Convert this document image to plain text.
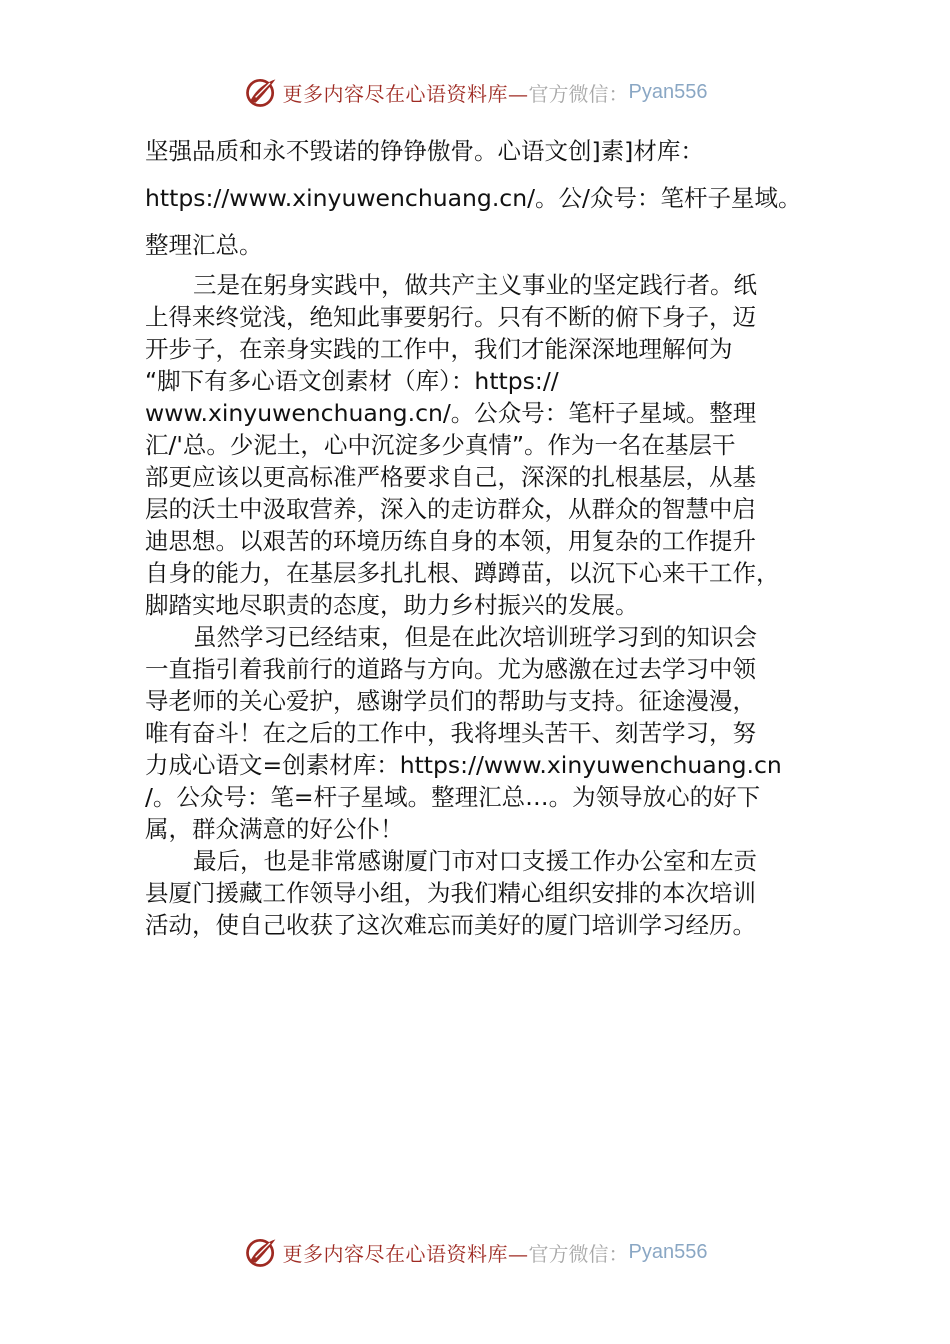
更多内容尽在心语资料库— 官方微信： Pyan556
坚强品质和永不毁诺的铮铮傲骨。心语文创]素]材库：
https://www.xinyuwenchuang.cn/。公/众号：笔杆子星域。
整理汇总。
三是在躬身实践中，做共产主义事业的坚定践行者。纸
上得来终觉浅，绝知此事要躬行。只有不断的俯下身子，迈
开步子，在亲身实践的工作中，我们才能深深地理解何为
“脚下有多心语文创素材（库）：https://
www.xinyuwenchuang.cn/。公众号：笔杆子星域。整理
汇/'总。少泥土，心中沉淀多少真情”。作为一名在基层干
部更应该以更高标准严格要求自己，深深的扎根基层，从基
层的沃土中汲取营养，深入的走访群众，从群众的智慧中启
迪思想。以艰苦的环境历练自身的本领，用复杂的工作提升
自身的能力，在基层多扎扎根、蹲蹲苗，以沉下心来干工作，
脚踏实地尽职责的态度，助力乡村振兴的发展。
虽然学习已经结束，但是在此次培训班学习到的知识会
一直指引着我前行的道路与方向。尤为感激在过去学习中领
导老师的关心爱护，感谢学员们的帮助与支持。征途漫漫，
唯有奋斗！在之后的工作中，我将埋头苦干、刻苦学习，努
力成心语文=创素材库：https://www.xinyuwenchuang.cn
/。公众号：笔=杆子星域。整理汇总…。为领导放心的好下
属，群众满意的好公仆！
最后，也是非常感谢厦门市对口支援工作办公室和左贡
县厦门援藏工作领导小组，为我们精心组织安排的本次培训
活动，使自己收获了这次难忘而美好的厦门培训学习经历。
更多内容尽在心语资料库— 官方微信： Pyan556
